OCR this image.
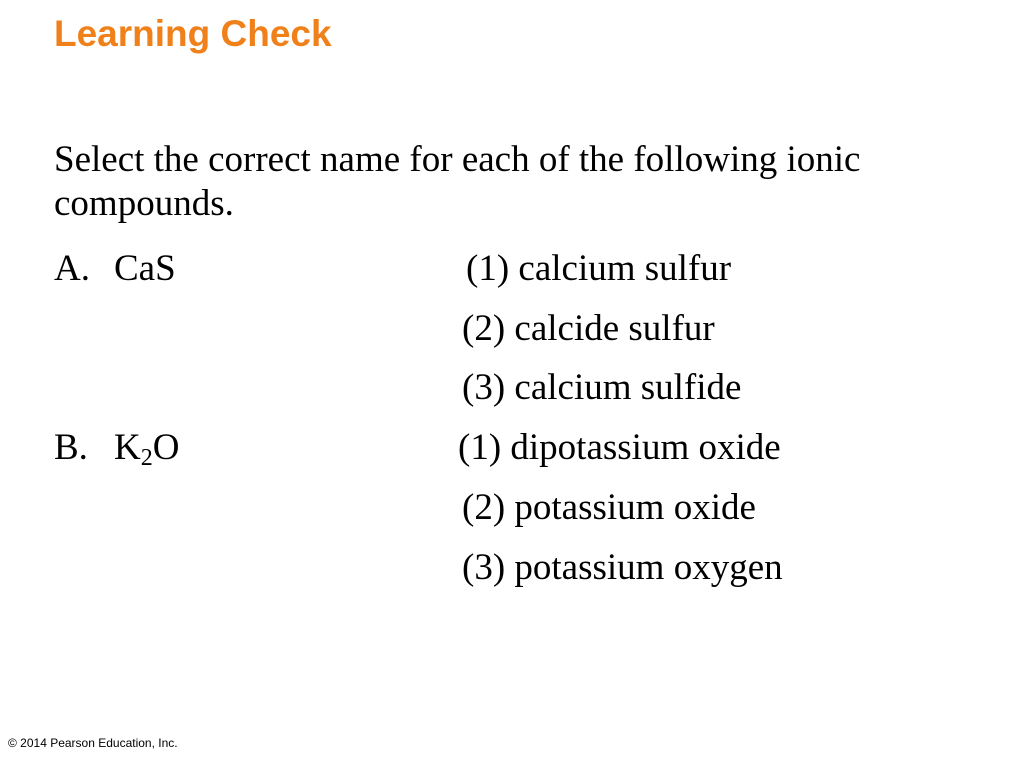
Learning Check
Select the correct name for each of the following ionic compounds.
A. CaS	(1) calcium sulfur
(2) calcide sulfur
(3) calcium sulfide
B. $K_2O$	(1) dipotassium oxide
(2) potassium oxide
(3) potassium oxygen
© 2014 Pearson Education, Inc.
